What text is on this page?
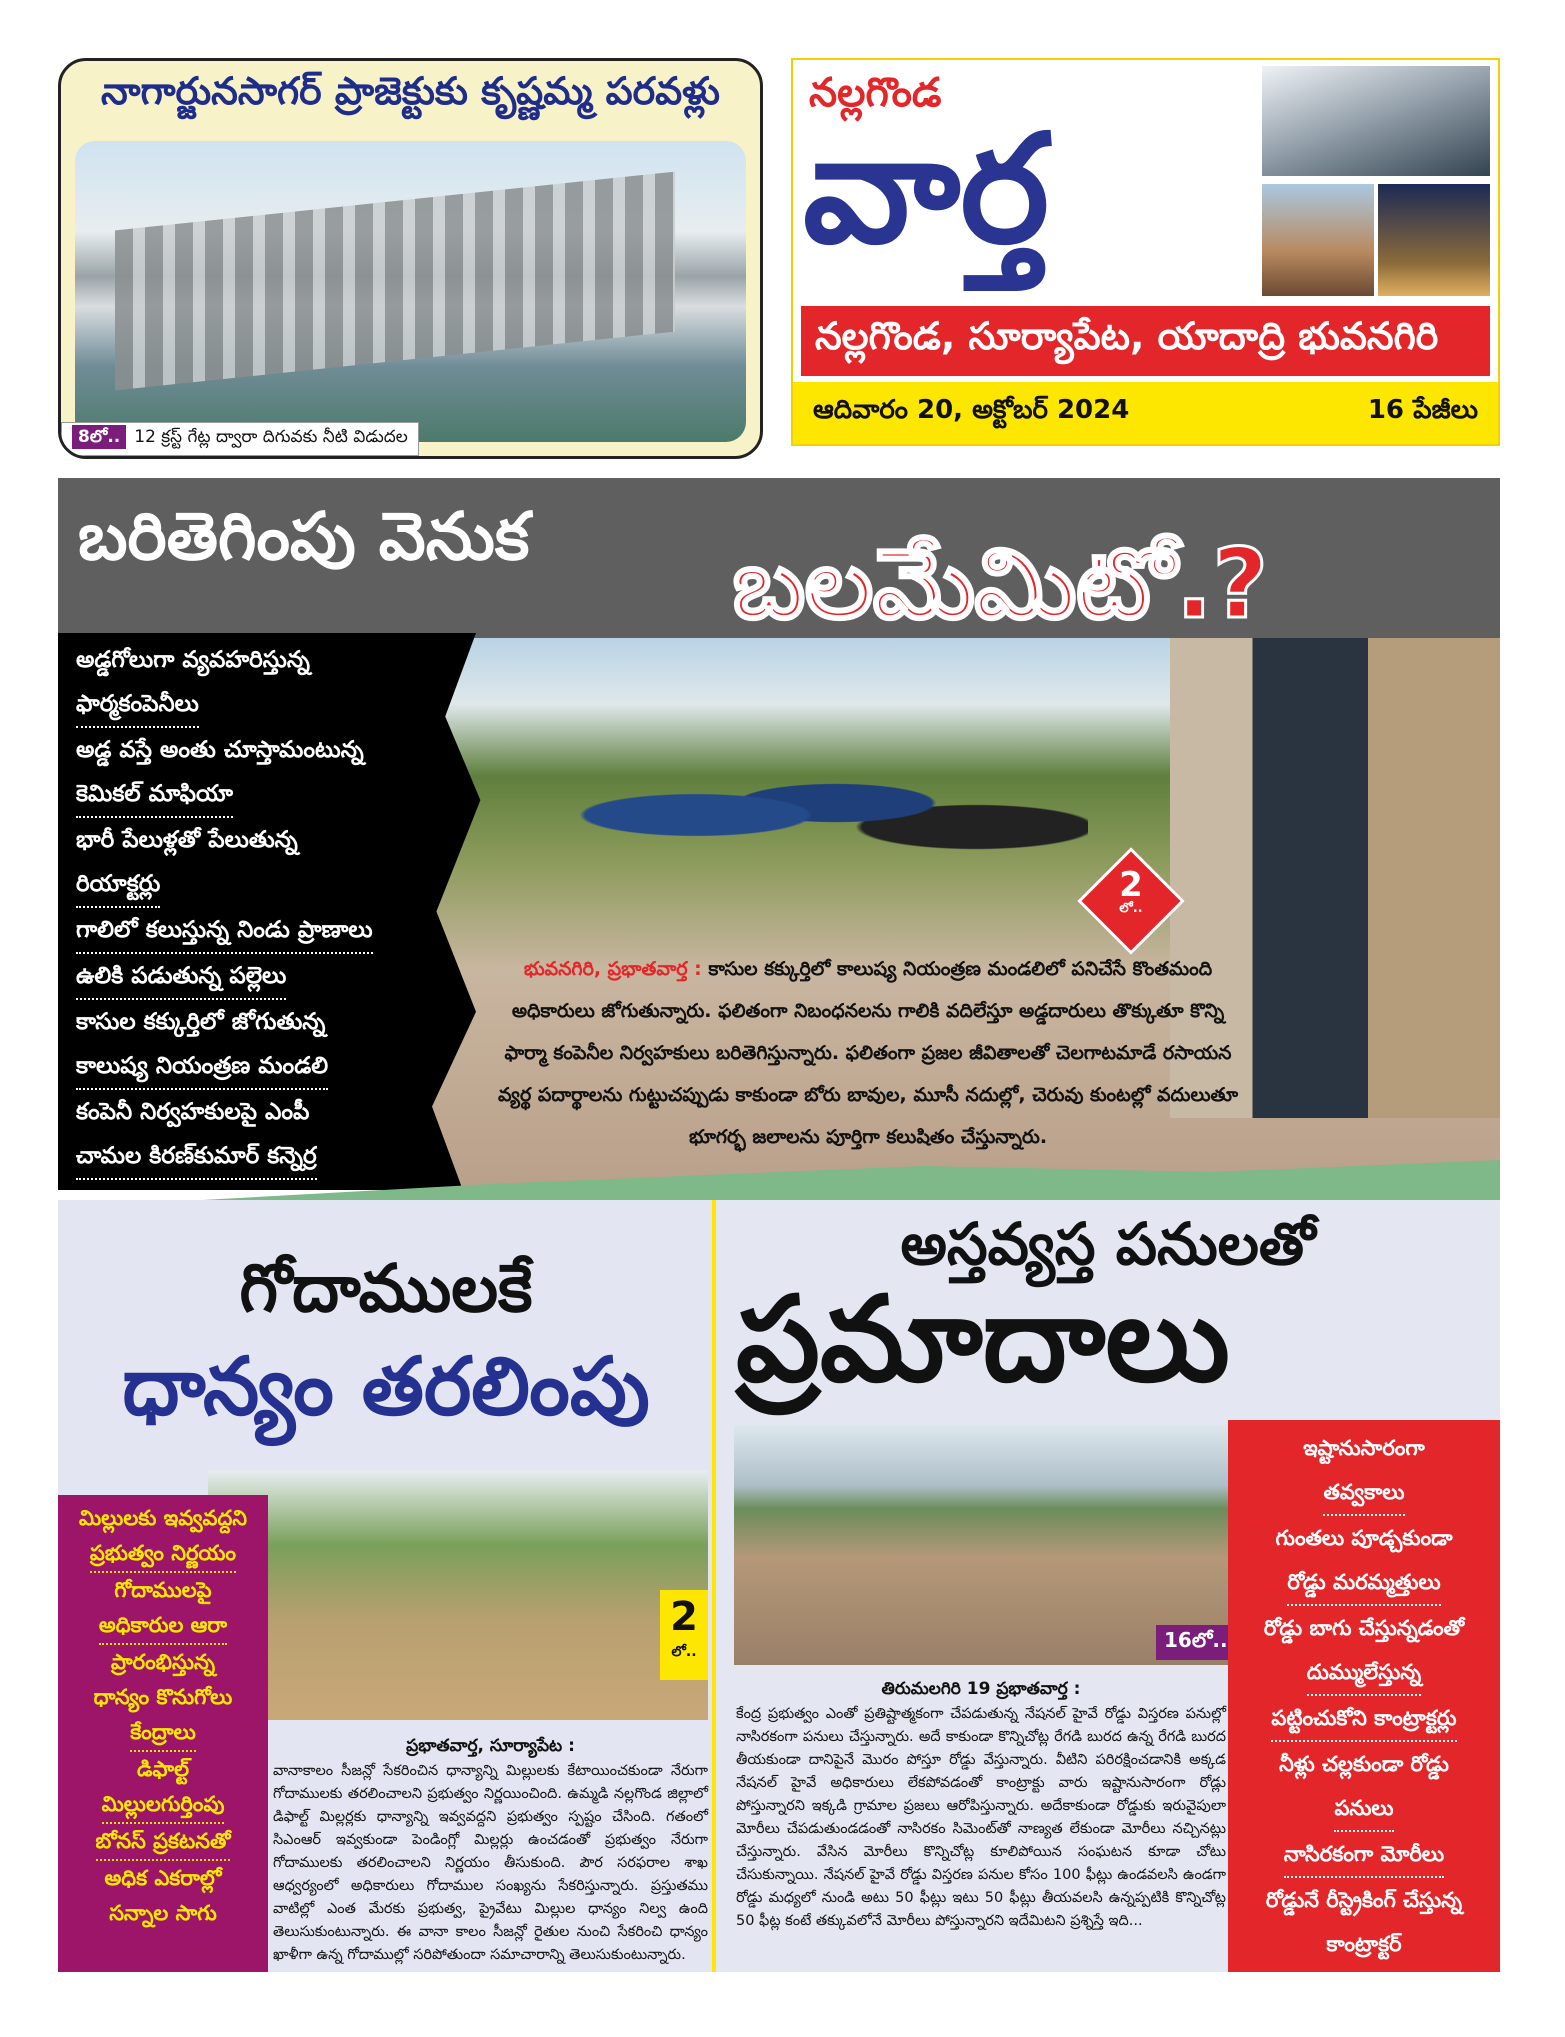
నాగార్జునసాగర్ ప్రాజెక్టుకు కృష్ణమ్మ పరవళ్లు
8లో.. 12 క్రస్ట్ గేట్ల ద్వారా దిగువకు నీటి విడుదల
నల్లగొండ
వార్త
నల్లగొండ, సూర్యాపేట, యాదాద్రి భువనగిరి
ఆదివారం 20, అక్టోబర్ 2024	16 పేజీలు
బరితెగింపు వెనుక బలమేమిటో.?
అడ్డగోలుగా వ్యవహరిస్తున్న
ఫార్మకంపెనీలు
అడ్డ వస్తే అంతు చూస్తామంటున్న
కెమికల్ మాఫియా
భారీ పేలుళ్లతో పేలుతున్న
రియాక్టర్లు
గాలిలో కలుస్తున్న నిండు ప్రాణాలు
ఉలికి పడుతున్న పల్లెలు
కాసుల కక్కుర్తిలో జోగుతున్న
కాలుష్య నియంత్రణ మండలి
కంపెనీ నిర్వహకులపై ఎంపీ
చామల కిరణ్‌కుమార్ కన్నెర్ర
2
లో..
భువనగిరి, ప్రభాతవార్త : కాసుల కక్కుర్తిలో కాలుష్య నియంత్రణ మండలిలో పనిచేసే కొంతమంది అధికారులు జోగుతున్నారు. ఫలితంగా నిబంధనలను గాలికి వదిలేస్తూ అడ్డదారులు తొక్కుతూ కొన్ని ఫార్మా కంపెనీల నిర్వహకులు బరితెగిస్తున్నారు. ఫలితంగా ప్రజల జీవితాలతో చెలగాటమాడే రసాయన వ్యర్థ పదార్థాలను గుట్టుచప్పుడు కాకుండా బోరు బావుల, మూసీ నదుల్లో, చెరువు కుంటల్లో వదులుతూ భూగర్భ జలాలను పూర్తిగా కలుషితం చేస్తున్నారు.
గోదాములకే
ధాన్యం తరలింపు
మిల్లులకు ఇవ్వవద్దని
ప్రభుత్వం నిర్ణయం
గోదాములపై
అధికారుల ఆరా
ప్రారంభిస్తున్న
ధాన్యం కొనుగోలు
కేంద్రాలు
డిఫాల్ట్
మిల్లులగుర్తింపు
బోనస్ ప్రకటనతో
అధిక ఎకరాల్లో
సన్నాల సాగు
2
లో..
ప్రభాతవార్త, సూర్యాపేట :

వానాకాలం సీజన్లో సేకరించిన ధాన్యాన్ని మిల్లులకు కేటాయించకుండా నేరుగా గోదాములకు తరలించాలని ప్రభుత్వం నిర్ణయించింది. ఉమ్మడి నల్లగొండ జిల్లాలో డిఫాల్ట్ మిల్లర్లకు ధాన్యాన్ని ఇవ్వవద్దని ప్రభుత్వం స్పష్టం చేసింది. గతంలో సిఎంఆర్ ఇవ్వకుండా పెండింగ్లో మిల్లర్లు ఉంచడంతో ప్రభుత్వం నేరుగా గోదాములకు తరలించాలని నిర్ణయం తీసుకుంది. పౌర సరఫరాల శాఖ ఆధ్వర్యంలో అధికారులు గోదాముల సంఖ్యను సేకరిస్తున్నారు. ప్రస్తుతము వాటిల్లో ఎంత మేరకు ప్రభుత్వ, ప్రైవేటు మిల్లుల ధాన్యం నిల్వ ఉంది తెలుసుకుంటున్నారు. ఈ వానా కాలం సీజన్లో రైతుల నుంచి సేకరించి ధాన్యం ఖాళీగా ఉన్న గోదాముల్లో సరిపోతుందా సమాచారాన్ని తెలుసుకుంటున్నారు.

అస్తవ్యస్త పనులతో
ప్రమాదాలు
16లో..
ఇష్టానుసారంగా
తవ్వకాలు
గుంతలు పూడ్చకుండా
రోడ్డు మరమ్మత్తులు
రోడ్డు బాగు చేస్తున్నడంతో
దుమ్ములేస్తున్న
పట్టించుకోని కాంట్రాక్టర్లు
నీళ్లు చల్లకుండా రోడ్డు
పనులు
నాసిరకంగా మోరీలు
రోడ్డునే రీస్ట్రెకింగ్ చేస్తున్న
కాంట్రాక్టర్
తిరుమలగిరి 19 ప్రభాతవార్త :

కేంద్ర ప్రభుత్వం ఎంతో ప్రతిష్టాత్మకంగా చేపడుతున్న నేషనల్ హైవే రోడ్డు విస్తరణ పనుల్లో నాసిరకంగా పనులు చేస్తున్నారు. అదే కాకుండా కొన్నిచోట్ల రేగడి బురద ఉన్న రేగడి బురద తీయకుండా దానిపైనే మొరం పోస్తూ రోడ్డు వేస్తున్నారు. వీటిని పరిరక్షించడానికి అక్కడ నేషనల్ హైవే అధికారులు లేకపోవడంతో కాంట్రాక్టు వారు ఇష్టానుసారంగా రోడ్లు పోస్తున్నారని ఇక్కడి గ్రామాల ప్రజలు ఆరోపిస్తున్నారు. అదేకాకుండా రోడ్డుకు ఇరువైపులా మోరీలు చేపడుతుండడంతో నాసిరకం సిమెంట్‌తో నాణ్యత లేకుండా మోరీలు నచ్చినట్లు చేస్తున్నారు. వేసిన మోరీలు కొన్నిచోట్ల కూలిపోయిన సంఘటన కూడా చోటు చేసుకున్నాయి. నేషనల్ హైవే రోడ్డు విస్తరణ పనుల కోసం 100 ఫీట్లు ఉండవలసి ఉండగా రోడ్డు మధ్యలో నుండి అటు 50 ఫీట్లు ఇటు 50 ఫీట్లు తీయవలసి ఉన్నప్పటికి కొన్నిచోట్ల 50 ఫీట్ల కంటే తక్కువలోనే మోరీలు పోస్తున్నారని ఇదేమిటని ప్రశ్నిస్తే ఇది...
